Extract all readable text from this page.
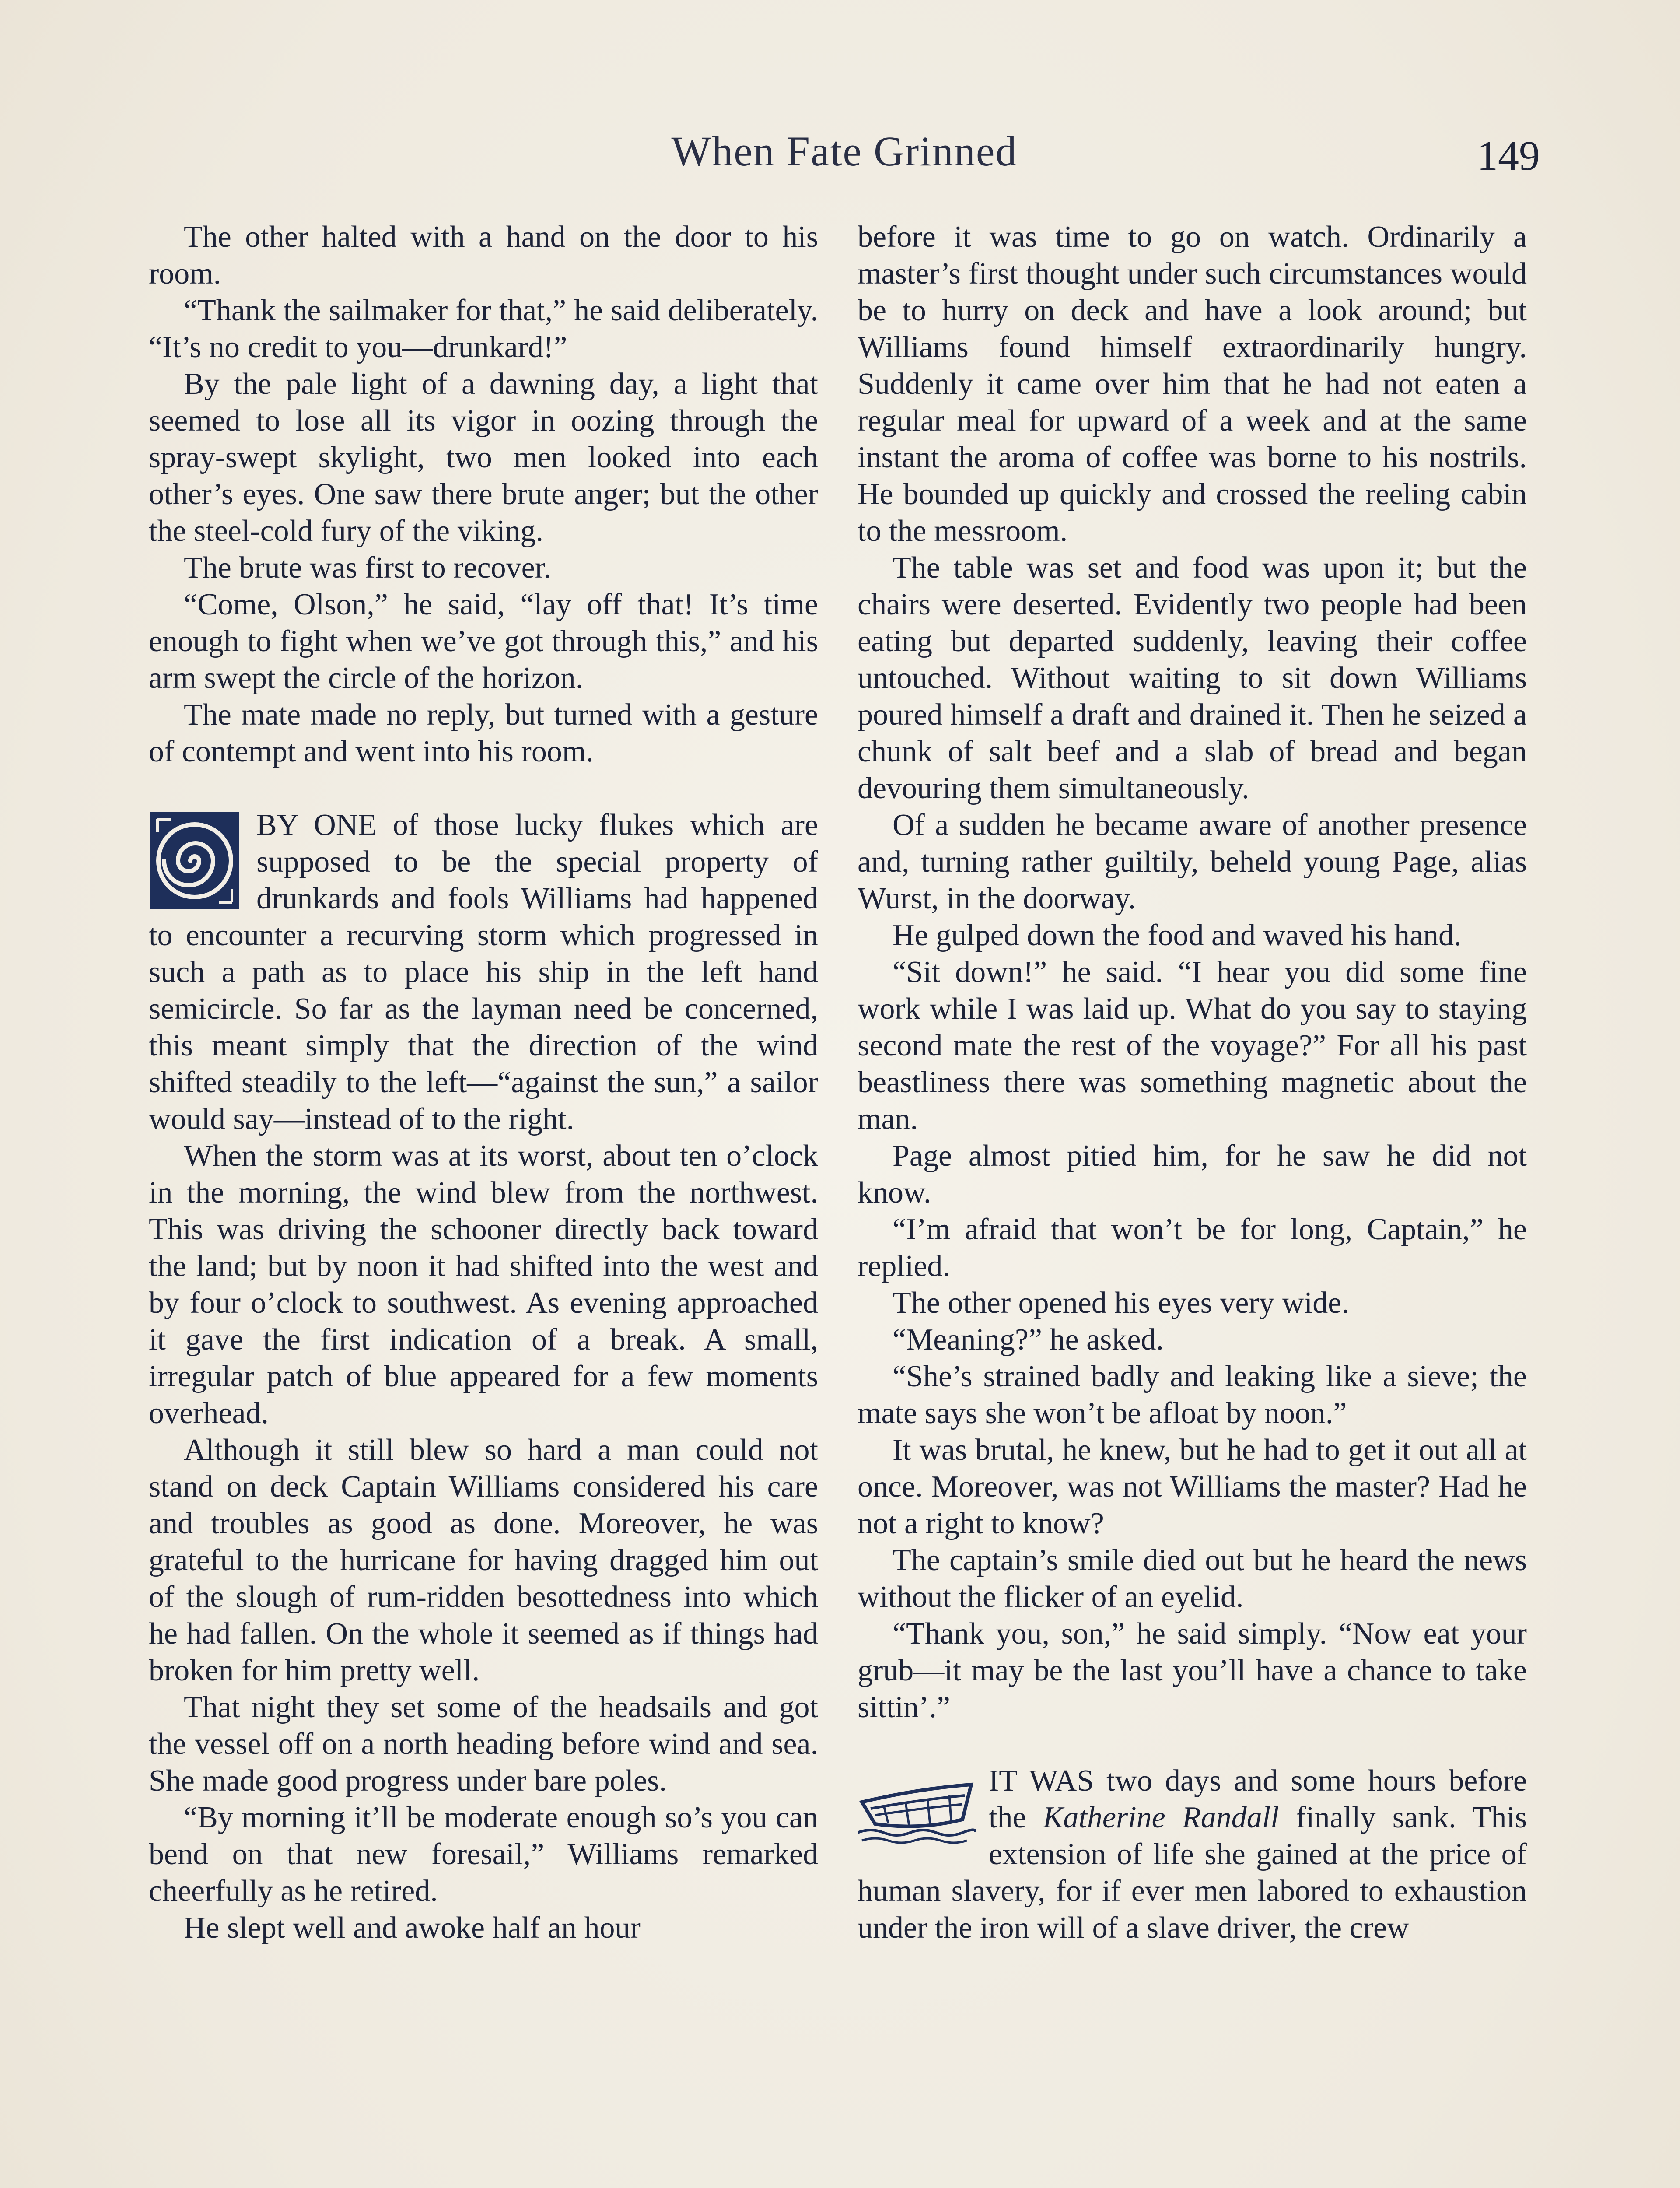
When Fate Grinned	149

The other halted with a hand on the door to his room.

“Thank the sailmaker for that,” he said deliberately. “It’s no credit to you—drunkard!”

By the pale light of a dawning day, a light that seemed to lose all its vigor in oozing through the spray-swept skylight, two men looked into each other’s eyes. One saw there brute anger; but the other the steel-cold fury of the viking.

The brute was first to recover.

“Come, Olson,” he said, “lay off that! It’s time enough to fight when we’ve got through this,” and his arm swept the circle of the horizon.

The mate made no reply, but turned with a gesture of contempt and went into his room.

BY ONE of those lucky flukes which are supposed to be the special property of drunkards and fools Williams had happened to encounter a recurving storm which progressed in such a path as to place his ship in the left hand semicircle. So far as the layman need be concerned, this meant simply that the direction of the wind shifted steadily to the left—“against the sun,” a sailor would say—instead of to the right.

When the storm was at its worst, about ten o’clock in the morning, the wind blew from the northwest. This was driving the schooner directly back toward the land; but by noon it had shifted into the west and by four o’clock to southwest. As evening approached it gave the first indication of a break. A small, irregular patch of blue appeared for a few moments overhead.

Although it still blew so hard a man could not stand on deck Captain Williams considered his care and troubles as good as done. Moreover, he was grateful to the hurricane for having dragged him out of the slough of rum-ridden besottedness into which he had fallen. On the whole it seemed as if things had broken for him pretty well.

That night they set some of the headsails and got the vessel off on a north heading before wind and sea. She made good progress under bare poles.

“By morning it’ll be moderate enough so’s you can bend on that new foresail,” Williams remarked cheerfully as he retired.

He slept well and awoke half an hour

before it was time to go on watch. Ordinarily a master’s first thought under such circumstances would be to hurry on deck and have a look around; but Williams found himself extraordinarily hungry. Suddenly it came over him that he had not eaten a regular meal for upward of a week and at the same instant the aroma of coffee was borne to his nostrils. He bounded up quickly and crossed the reeling cabin to the messroom.

The table was set and food was upon it; but the chairs were deserted. Evidently two people had been eating but departed suddenly, leaving their coffee untouched. Without waiting to sit down Williams poured himself a draft and drained it. Then he seized a chunk of salt beef and a slab of bread and began devouring them simultaneously.

Of a sudden he became aware of another presence and, turning rather guiltily, beheld young Page, alias Wurst, in the doorway.

He gulped down the food and waved his hand.

“Sit down!” he said. “I hear you did some fine work while I was laid up. What do you say to staying second mate the rest of the voyage?” For all his past beastliness there was something magnetic about the man.

Page almost pitied him, for he saw he did not know.

“I’m afraid that won’t be for long, Captain,” he replied.

The other opened his eyes very wide.

“Meaning?” he asked.

“She’s strained badly and leaking like a sieve; the mate says she won’t be afloat by noon.”

It was brutal, he knew, but he had to get it out all at once. Moreover, was not Williams the master? Had he not a right to know?

The captain’s smile died out but he heard the news without the flicker of an eyelid.

“Thank you, son,” he said simply. “Now eat your grub—it may be the last you’ll have a chance to take sittin’.”

IT WAS two days and some hours before the Katherine Randall finally sank. This extension of life she gained at the price of human slavery, for if ever men labored to exhaustion under the iron will of a slave driver, the crew
